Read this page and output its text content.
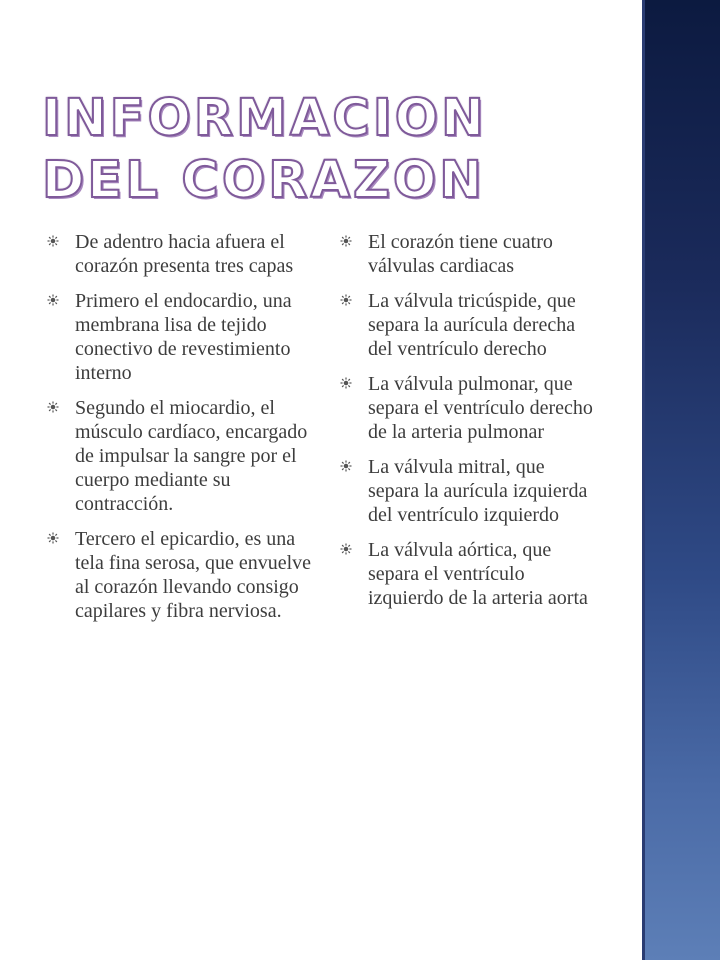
INFORMACION DEL CORAZON
De adentro hacia afuera el corazón presenta tres capas
Primero el endocardio, una membrana lisa de tejido conectivo de revestimiento interno
Segundo el miocardio, el músculo cardíaco, encargado de impulsar la sangre por el cuerpo mediante su contracción.
Tercero el epicardio, es una tela fina serosa, que envuelve al corazón llevando consigo capilares y fibra nerviosa.
El corazón tiene cuatro válvulas cardiacas
La válvula tricúspide, que separa la aurícula derecha del ventrículo derecho
La válvula pulmonar, que separa el ventrículo derecho de la arteria pulmonar
La válvula mitral, que separa la aurícula izquierda del ventrículo izquierdo
La válvula aórtica, que separa el ventrículo izquierdo de la arteria aorta
